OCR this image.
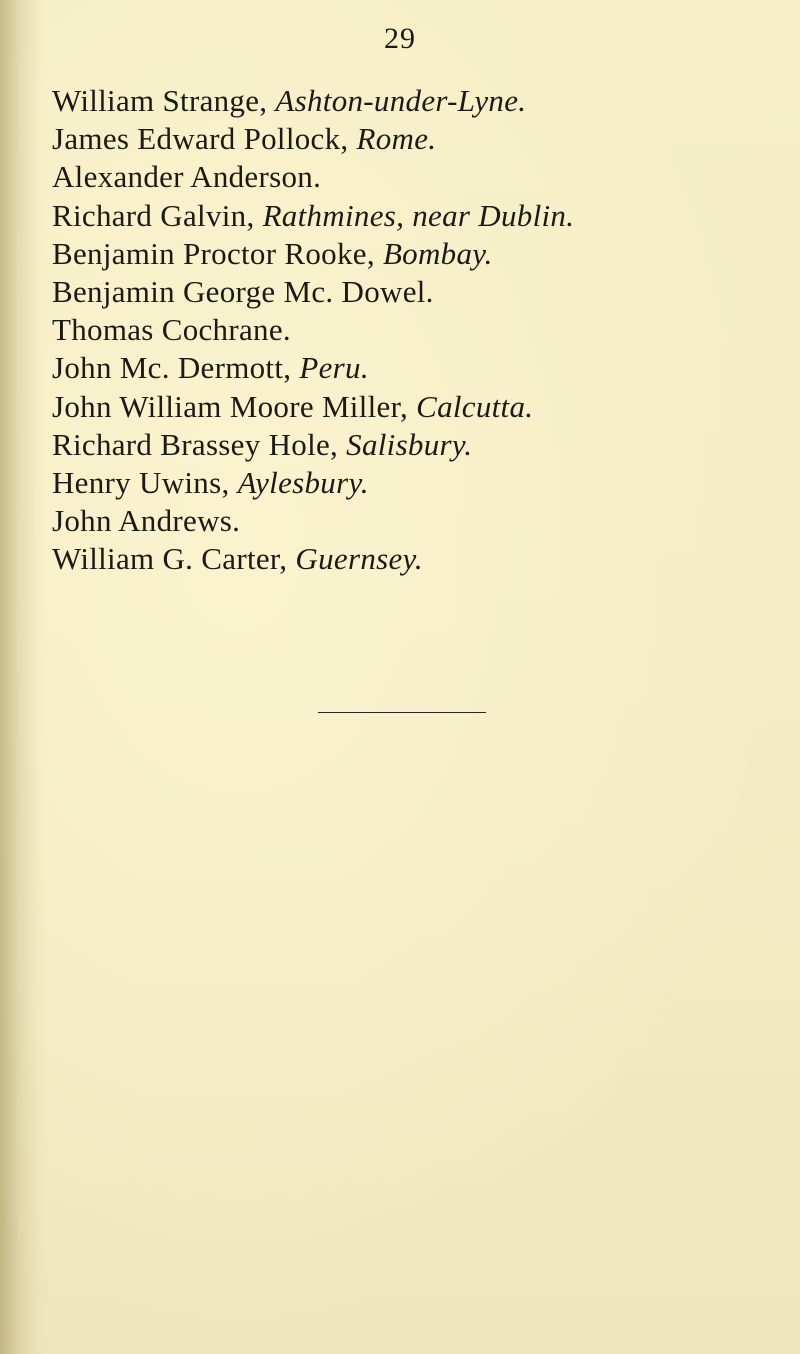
29
William Strange, Ashton-under-Lyne.
James Edward Pollock, Rome.
Alexander Anderson.
Richard Galvin, Rathmines, near Dublin.
Benjamin Proctor Rooke, Bombay.
Benjamin George Mc. Dowel.
Thomas Cochrane.
John Mc. Dermott, Peru.
John William Moore Miller, Calcutta.
Richard Brassey Hole, Salisbury.
Henry Uwins, Aylesbury.
John Andrews.
William G. Carter, Guernsey.
